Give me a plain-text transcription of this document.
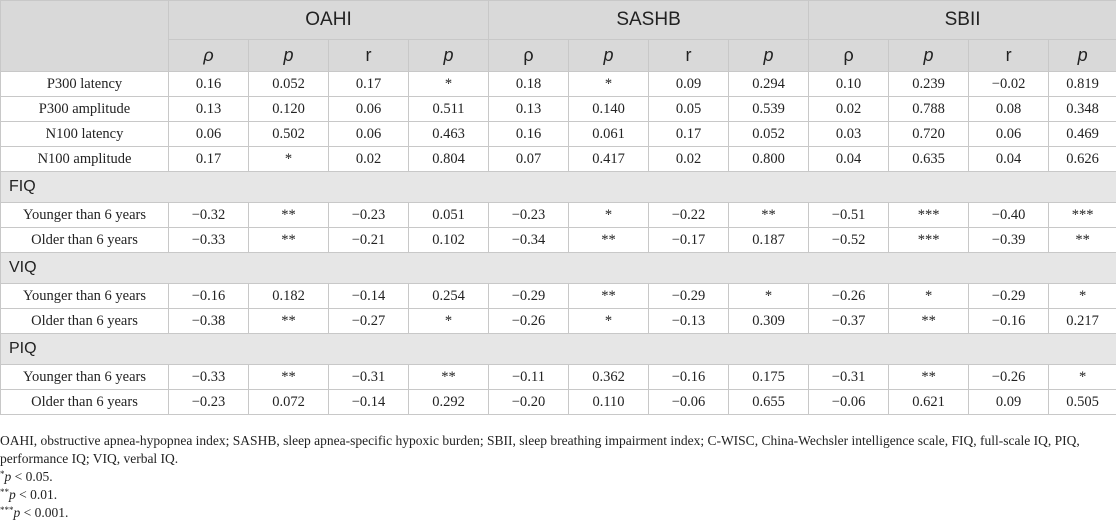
	OAHI				SASHB				SBII			
	ρ	p	r	p	ρ	p	r	p	ρ	p	r	p
P300 latency	0.16	0.052	0.17	*	0.18	*	0.09	0.294	0.10	0.239	−0.02	0.819
P300 amplitude	0.13	0.120	0.06	0.511	0.13	0.140	0.05	0.539	0.02	0.788	0.08	0.348
N100 latency	0.06	0.502	0.06	0.463	0.16	0.061	0.17	0.052	0.03	0.720	0.06	0.469
N100 amplitude	0.17	*	0.02	0.804	0.07	0.417	0.02	0.800	0.04	0.635	0.04	0.626
FIQ												
Younger than 6 years	−0.32	**	−0.23	0.051	−0.23	*	−0.22	**	−0.51	***	−0.40	***
Older than 6 years	−0.33	**	−0.21	0.102	−0.34	**	−0.17	0.187	−0.52	***	−0.39	**
VIQ												
Younger than 6 years	−0.16	0.182	−0.14	0.254	−0.29	**	−0.29	*	−0.26	*	−0.29	*
Older than 6 years	−0.38	**	−0.27	*	−0.26	*	−0.13	0.309	−0.37	**	−0.16	0.217
PIQ												
Younger than 6 years	−0.33	**	−0.31	**	−0.11	0.362	−0.16	0.175	−0.31	**	−0.26	*
Older than 6 years	−0.23	0.072	−0.14	0.292	−0.20	0.110	−0.06	0.655	−0.06	0.621	0.09	0.505
OAHI, obstructive apnea-hypopnea index; SASHB, sleep apnea-specific hypoxic burden; SBII, sleep breathing impairment index; C-WISC, China-Wechsler intelligence scale, FIQ, full-scale IQ, PIQ, performance IQ; VIQ, verbal IQ.
*p < 0.05.
**p < 0.01.
***p < 0.001.
